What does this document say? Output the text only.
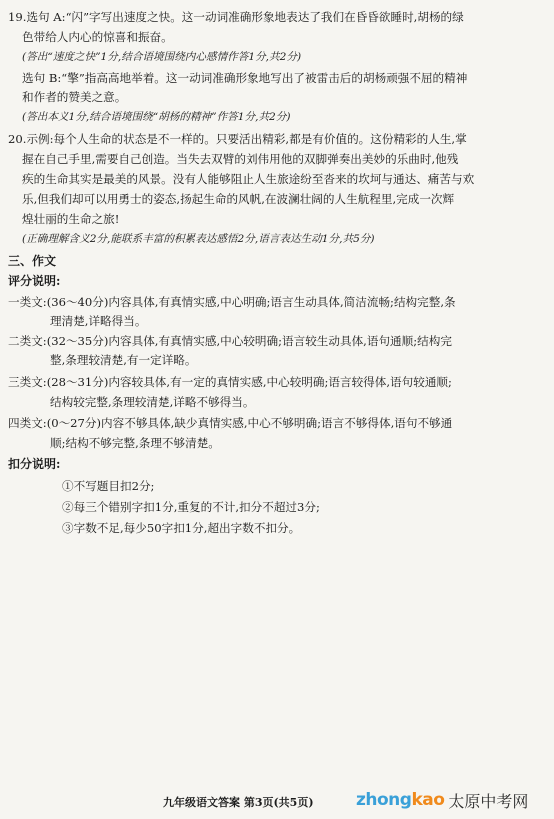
19.选句 A:“闪”字写出速度之快。这一动词准确形象地表达了我们在昏昏欲睡时,胡杨的绿

色带给人内心的惊喜和振奋。

(答出“速度之快”1分,结合语境围绕内心感情作答1分,共2分)

选句 B:“擎”指高高地举着。这一动词准确形象地写出了被雷击后的胡杨顽强不屈的精神

和作者的赞美之意。

(答出本义1分,结合语境围绕“胡杨的精神”作答1分,共2分)

20.示例:每个人生命的状态是不一样的。只要活出精彩,都是有价值的。这份精彩的人生,掌

握在自己手里,需要自己创造。当失去双臂的刘伟用他的双脚弹奏出美妙的乐曲时,他残

疾的生命其实是最美的风景。没有人能够阻止人生旅途纷至沓来的坎坷与通达、痛苦与欢

乐,但我们却可以用勇士的姿态,扬起生命的风帆,在波澜壮阔的人生航程里,完成一次辉

煌壮丽的生命之旅!

(正确理解含义2分,能联系丰富的积累表达感悟2分,语言表达生动1分,共5分)

三、作文

评分说明:

一类文:(36～40分)内容具体,有真情实感,中心明确;语言生动具体,简洁流畅;结构完整,条

理清楚,详略得当。

二类文:(32～35分)内容具体,有真情实感,中心较明确;语言较生动具体,语句通顺;结构完

整,条理较清楚,有一定详略。

三类文:(28～31分)内容较具体,有一定的真情实感,中心较明确;语言较得体,语句较通顺;

结构较完整,条理较清楚,详略不够得当。

四类文:(0～27分)内容不够具体,缺少真情实感,中心不够明确;语言不够得体,语句不够通

顺;结构不够完整,条理不够清楚。

扣分说明:

①不写题目扣2分;

②每三个错别字扣1分,重复的不计,扣分不超过3分;

③字数不足,每少50字扣1分,超出字数不扣分。

九年级语文答案 第3页(共5页) zhong kao 太原中考网
